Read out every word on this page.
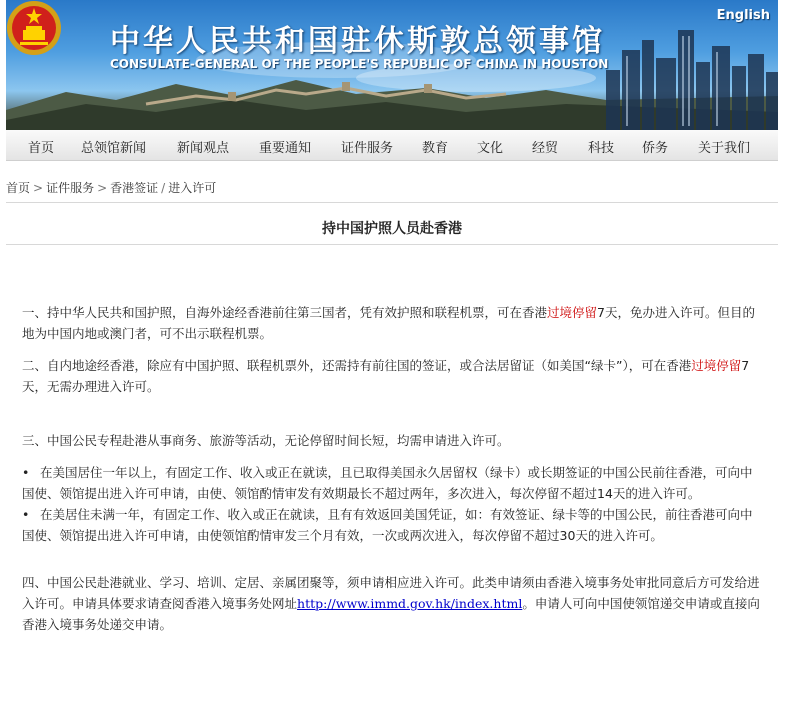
中华人民共和国驻休斯敦总领事馆
CONSULATE-GENERAL OF THE PEOPLE'S REPUBLIC OF CHINA IN HOUSTON
English
首页 总领馆新闻 新闻观点 重要通知 证件服务 教育 文化 经贸 科技 侨务 关于我们
首页 > 证件服务 > 香港签证 / 进入许可
持中国护照人员赴香港

一、持中华人民共和国护照，自海外途经香港前往第三国者，凭有效护照和联程机票，可在香港过境停留7天，免办进入许可。但目的地为中国内地或澳门者，可不出示联程机票。

二、自内地途经香港，除应有中国护照、联程机票外，还需持有前往国的签证，或合法居留证（如美国“绿卡”），可在香港过境停留7天，无需办理进入许可。

三、中国公民专程赴港从事商务、旅游等活动，无论停留时间长短，均需申请进入许可。

• 在美国居住一年以上，有固定工作、收入或正在就读，且已取得美国永久居留权（绿卡）或长期签证的中国公民前往香港，可向中国使、领馆提出进入许可申请，由使、领馆酌情审发有效期最长不超过两年，多次进入，每次停留不超过14天的进入许可。

• 在美居住未满一年，有固定工作、收入或正在就读，且有有效返回美国凭证，如：有效签证、绿卡等的中国公民，前往香港可向中国使、领馆提出进入许可申请，由使领馆酌情审发三个月有效，一次或两次进入，每次停留不超过30天的进入许可。

四、中国公民赴港就业、学习、培训、定居、亲属团聚等，须申请相应进入许可。此类申请须由香港入境事务处审批同意后方可发给进入许可。申请具体要求请查阅香港入境事务处网址http://www.immd.gov.hk/index.html。申请人可向中国使领馆递交申请或直接向香港入境事务处递交申请。
